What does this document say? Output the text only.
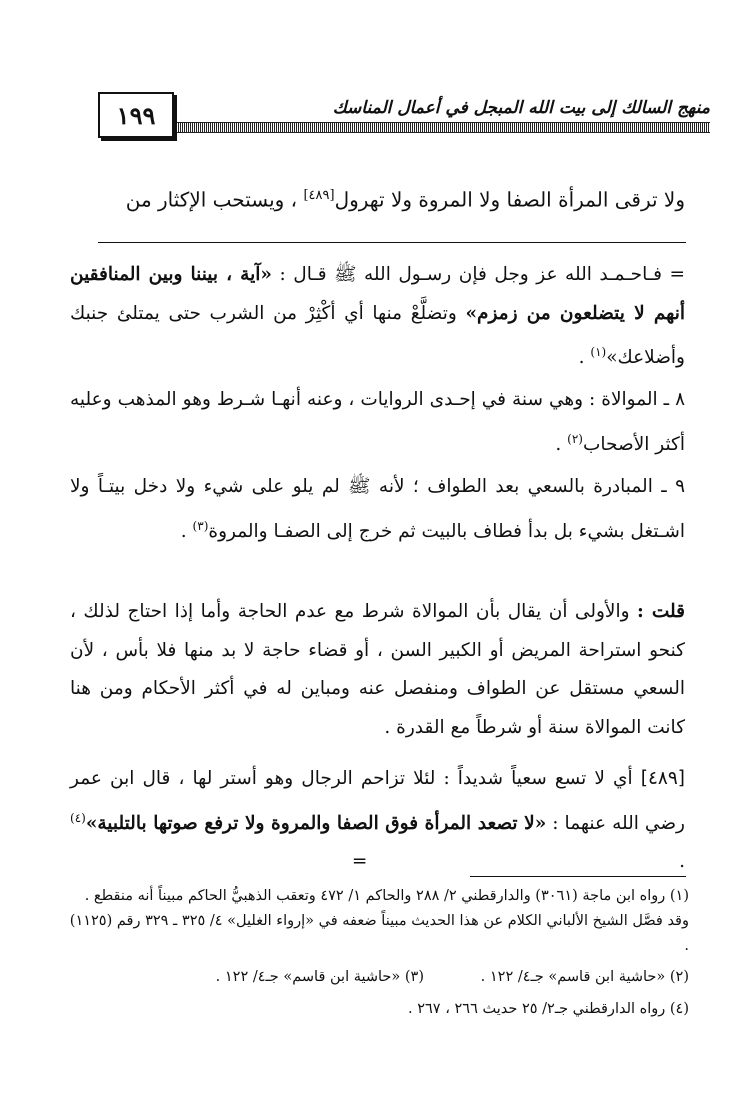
منهج السالك إلى بيت الله المبجل في أعمال المناسك
١٩٩
ولا ترقى المرأة الصفا ولا المروة ولا تهرول[٤٨٩] ، ويستحب الإكثار من
= فـاحـمـد الله عز وجل فإن رسـول الله ﷺ قـال : «آية ، بيننا وبين المنافقين أنهم لا يتضلعون من زمزم» وتضلَّعْ منها أي أكْثِرْ من الشرب حتى يمتلئ جنبك وأضلاعك»$^{(١)}$ .
٨ ـ الموالاة : وهي سنة في إحـدى الروايات ، وعنه أنهـا شـرط وهو المذهب وعليه أكثر الأصحاب$^{(٢)}$ .
٩ ـ المبادرة بالسعي بعد الطواف ؛ لأنه ﷺ لم يلو على شيء ولا دخل بيتـاً ولا اشـتغل بشيء بل بدأ فطاف بالبيت ثم خرج إلى الصفـا والمروة$^{(٣)}$ .
قلت : والأولى أن يقال بأن الموالاة شرط مع عدم الحاجة وأما إذا احتاج لذلك ، كنحو استراحة المريض أو الكبير السن ، أو قضاء حاجة لا بد منها فلا بأس ، لأن السعي مستقل عن الطواف ومنفصل عنه ومباين له في أكثر الأحكام ومن هنا كانت الموالاة سنة أو شرطاً مع القدرة .
[٤٨٩] أي لا تسع سعياً شديداً : لئلا تزاحم الرجال وهو أستر لها ، قال ابن عمر رضي الله عنهما : «لا تصعد المرأة فوق الصفا والمروة ولا ترفع صوتها بالتلبية»$^{(٤)}$ .  =
(١) رواه ابن ماجة (٣٠٦١) والدارقطني ٢/ ٢٨٨ والحاكم ١/ ٤٧٢ وتعقب الذهبيُّ الحاكم مبيناً أنه منقطع . وقد فصَّل الشيخ الألباني الكلام عن هذا الحديث مبيناً ضعفه في «إرواء الغليل» ٤/ ٣٢٥ ـ ٣٢٩ رقم (١١٢٥) .
(٢) «حاشية ابن قاسم» جـ٤/ ١٢٢ .
(٣) «حاشية ابن قاسم» جـ٤/ ١٢٢ .
(٤) رواه الدارقطني جـ٢/ ٢٥ حديث ٢٦٦ ، ٢٦٧ .
